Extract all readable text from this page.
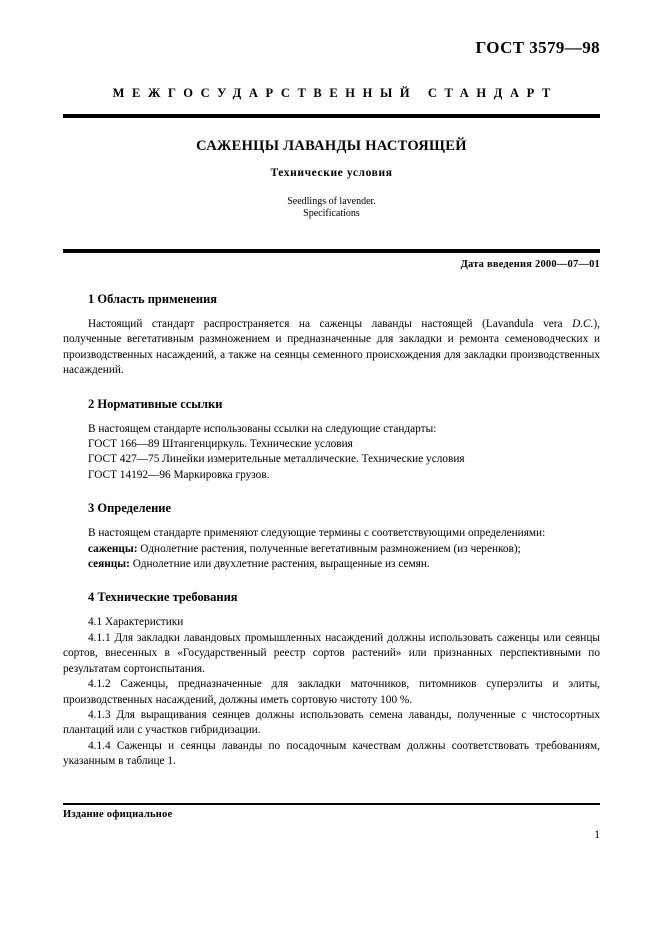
ГОСТ 3579—98
МЕЖГОСУДАРСТВЕННЫЙ СТАНДАРТ
САЖЕНЦЫ ЛАВАНДЫ НАСТОЯЩЕЙ
Технические условия
Seedlings of lavender.
Specifications
Дата введения 2000—07—01
1 Область применения

Настоящий стандарт распространяется на саженцы лаванды настоящей (Lavandula vera D.C.), полученные вегетативным размножением и предназначенные для закладки и ремонта семеноводческих и производственных насаждений, а также на сеянцы семенного происхождения для закладки производственных насаждений.

2 Нормативные ссылки

В настоящем стандарте использованы ссылки на следующие стандарты:

ГОСТ 166—89 Штангенциркуль. Технические условия

ГОСТ 427—75 Линейки измерительные металлические. Технические условия

ГОСТ 14192—96 Маркировка грузов.

3 Определение

В настоящем стандарте применяют следующие термины с соответствующими определениями:

саженцы: Однолетние растения, полученные вегетативным размножением (из черенков);

сеянцы: Однолетние или двухлетние растения, выращенные из семян.

4 Технические требования

4.1 Характеристики

4.1.1 Для закладки лавандовых промышленных насаждений должны использовать саженцы или сеянцы сортов, внесенных в «Государственный реестр сортов растений» или признанных перспективными по результатам сортоиспытания.

4.1.2 Саженцы, предназначенные для закладки маточников, питомников суперэлиты и элиты, производственных насаждений, должны иметь сортовую чистоту 100 %.

4.1.3 Для выращивания сеянцев должны использовать семена лаванды, полученные с чистосортных плантаций или с участков гибридизации.

4.1.4 Саженцы и сеянцы лаванды по посадочным качествам должны соответствовать требованиям, указанным в таблице 1.

Издание официальное
1
